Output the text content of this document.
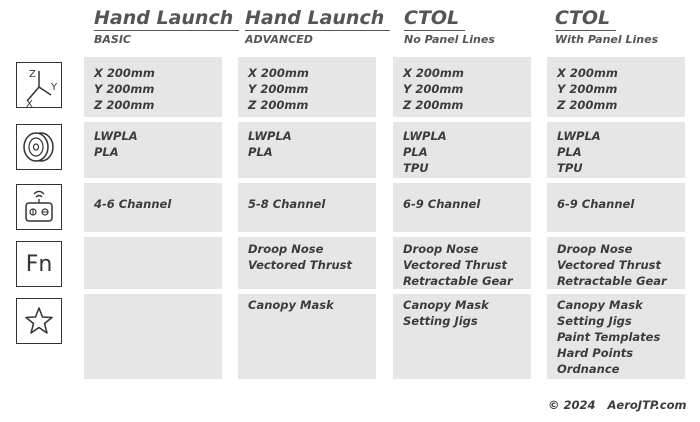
Hand Launch
BASIC
Hand Launch
ADVANCED
CTOL
No Panel Lines
CTOL
With Panel Lines
Z
Y
X
Fn
X 200mm
Y 200mm
Z 200mm
LWPLA
PLA
4-6 Channel
X 200mm
Y 200mm
Z 200mm
LWPLA
PLA
5-8 Channel
Droop Nose
Vectored Thrust
Canopy Mask
X 200mm
Y 200mm
Z 200mm
LWPLA
PLA
TPU
6-9 Channel
Droop Nose
Vectored Thrust
Retractable Gear
Canopy Mask
Setting Jigs
X 200mm
Y 200mm
Z 200mm
LWPLA
PLA
TPU
6-9 Channel
Droop Nose
Vectored Thrust
Retractable Gear
Canopy Mask
Setting Jigs
Paint Templates
Hard Points
Ordnance
© 2024   AeroJTP.com
